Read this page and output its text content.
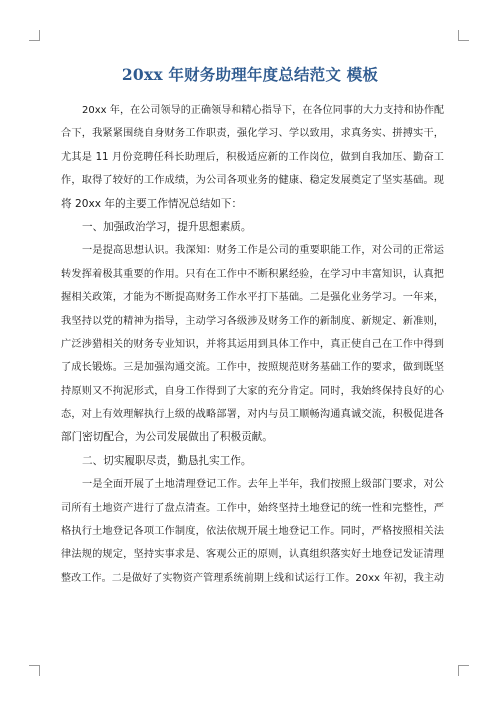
20xx 年财务助理年度总结范文 模板
20xx 年，在公司领导的正确领导和精心指导下，在各位同事的大力支持和协作配
合下，我紧紧围绕自身财务工作职责，强化学习、学以致用，求真务实、拼搏实干，
尤其是 11 月份竞聘任科长助理后，积极适应新的工作岗位，做到自我加压、勤奋工
作，取得了较好的工作成绩，为公司各项业务的健康、稳定发展奠定了坚实基础。现
将 20xx 年的主要工作情况总结如下：
一、加强政治学习，提升思想素质。
一是提高思想认识。我深知：财务工作是公司的重要职能工作，对公司的正常运
转发挥着极其重要的作用。只有在工作中不断积累经验，在学习中丰富知识，认真把
握相关政策，才能为不断提高财务工作水平打下基础。二是强化业务学习。一年来，
我坚持以党的精神为指导，主动学习各级涉及财务工作的新制度、新规定、新准则，
广泛涉猎相关的财务专业知识，并将其运用到具体工作中，真正使自己在工作中得到
了成长锻炼。三是加强沟通交流。工作中，按照规范财务基础工作的要求，做到既坚
持原则又不拘泥形式，自身工作得到了大家的充分肯定。同时，我始终保持良好的心
态，对上有效理解执行上级的战略部署，对内与员工顺畅沟通真诚交流，积极促进各
部门密切配合，为公司发展做出了积极贡献。
二、切实履职尽责，勤恳扎实工作。
一是全面开展了土地清理登记工作。去年上半年，我们按照上级部门要求，对公
司所有土地资产进行了盘点清查。工作中，始终坚持土地登记的统一性和完整性，严
格执行土地登记各项工作制度，依法依规开展土地登记工作。同时，严格按照相关法
律法规的规定，坚持实事求是、客观公正的原则，认真组织落实好土地登记发证清理
整改工作。二是做好了实物资产管理系统前期上线和试运行工作。20xx 年初，我主动
